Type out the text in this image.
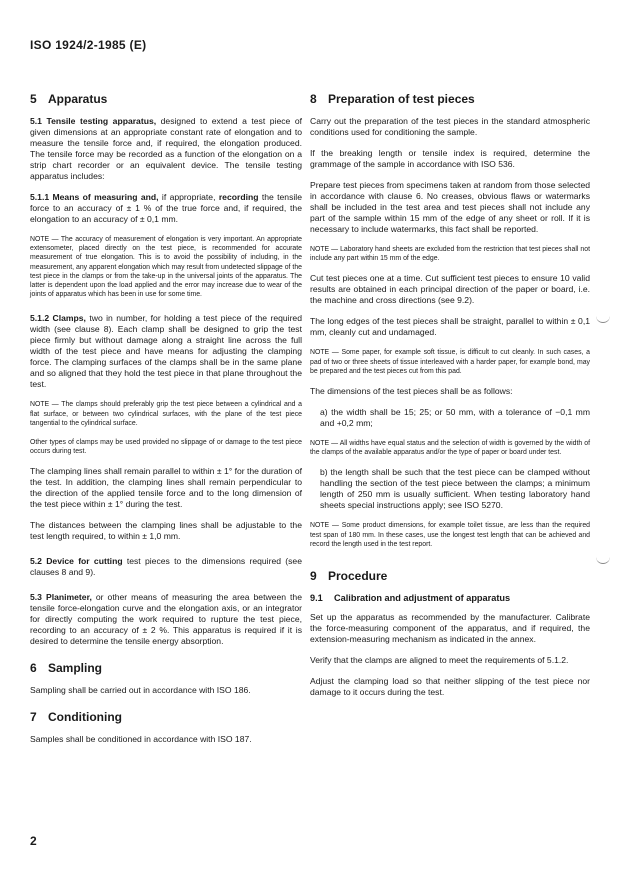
ISO 1924/2-1985 (E)
5 Apparatus

5.1 Tensile testing apparatus, designed to extend a test piece of given dimensions at an appropriate constant rate of elongation and to measure the tensile force and, if required, the elongation produced. The tensile force may be recorded as a function of the elongation on a strip chart recorder or an equivalent device. The tensile testing apparatus includes:

5.1.1 Means of measuring and, if appropriate, recording the tensile force to an accuracy of ± 1 % of the true force and, if required, the elongation to an accuracy of ± 0,1 mm.

NOTE — The accuracy of measurement of elongation is very important. An appropriate extensometer, placed directly on the test piece, is recommended for accurate measurement of true elongation. This is to avoid the possibility of including, in the measurement, any apparent elongation which may result from undetected slippage of the test piece in the clamps or from the take-up in the universal joints of the apparatus. The latter is dependent upon the load applied and the error may increase due to wear of the joints of apparatus which has been in use for some time.

5.1.2 Clamps, two in number, for holding a test piece of the required width (see clause 8). Each clamp shall be designed to grip the test piece firmly but without damage along a straight line across the full width of the test piece and have means for adjusting the clamping force. The clamping surfaces of the clamps shall be in the same plane and so aligned that they hold the test piece in that plane throughout the test.

NOTE — The clamps should preferably grip the test piece between a cylindrical and a flat surface, or between two cylindrical surfaces, with the plane of the test piece tangential to the cylindrical surface.
Other types of clamps may be used provided no slippage of or damage to the test piece occurs during test.

The clamping lines shall remain parallel to within ± 1° for the duration of the test. In addition, the clamping lines shall remain perpendicular to the direction of the applied tensile force and to the long dimension of the test piece within ± 1° during the test.

The distances between the clamping lines shall be adjustable to the test length required, to within ± 1,0 mm.

5.2 Device for cutting test pieces to the dimensions required (see clauses 8 and 9).

5.3 Planimeter, or other means of measuring the area between the tensile force-elongation curve and the elongation axis, or an integrator for directly computing the work required to rupture the test piece, recording to an accuracy of ± 2 %. This apparatus is required if it is desired to determine the tensile energy absorption.

6 Sampling

Sampling shall be carried out in accordance with ISO 186.

7 Conditioning

Samples shall be conditioned in accordance with ISO 187.

8 Preparation of test pieces

Carry out the preparation of the test pieces in the standard atmospheric conditions used for conditioning the sample.

If the breaking length or tensile index is required, determine the grammage of the sample in accordance with ISO 536.

Prepare test pieces from specimens taken at random from those selected in accordance with clause 6. No creases, obvious flaws or watermarks shall be included in the test area and test pieces shall not include any part of the sample within 15 mm of the edge of any sheet or roll. If it is necessary to include watermarks, this fact shall be reported.

NOTE — Laboratory hand sheets are excluded from the restriction that test pieces shall not include any part within 15 mm of the edge.

Cut test pieces one at a time. Cut sufficient test pieces to ensure 10 valid results are obtained in each principal direction of the paper or board, i.e. the machine and cross directions (see 9.2).

The long edges of the test pieces shall be straight, parallel to within ± 0,1 mm, cleanly cut and undamaged.

NOTE — Some paper, for example soft tissue, is difficult to cut cleanly. In such cases, a pad of two or three sheets of tissue interleaved with a harder paper, for example bond, may be prepared and the test pieces cut from this pad.

The dimensions of the test pieces shall be as follows:

a) the width shall be 15; 25; or 50 mm, with a tolerance of −0,1 mm and +0,2 mm;
NOTE — All widths have equal status and the selection of width is governed by the width of the clamps of the available apparatus and/or the type of paper or board under test.
b) the length shall be such that the test piece can be clamped without handling the section of the test piece between the clamps; a minimum length of 250 mm is usually sufficient. When testing laboratory hand sheets special instructions apply; see ISO 5270.
NOTE — Some product dimensions, for example toilet tissue, are less than the required test span of 180 mm. In these cases, use the longest test length that can be achieved and record the length used in the test report.
9 Procedure
9.1 Calibration and adjustment of apparatus

Set up the apparatus as recommended by the manufacturer. Calibrate the force-measuring component of the apparatus, and if required, the extension-measuring mechanism as indicated in the annex.

Verify that the clamps are aligned to meet the requirements of 5.1.2.

Adjust the clamping load so that neither slipping of the test piece nor damage to it occurs during the test.

2
